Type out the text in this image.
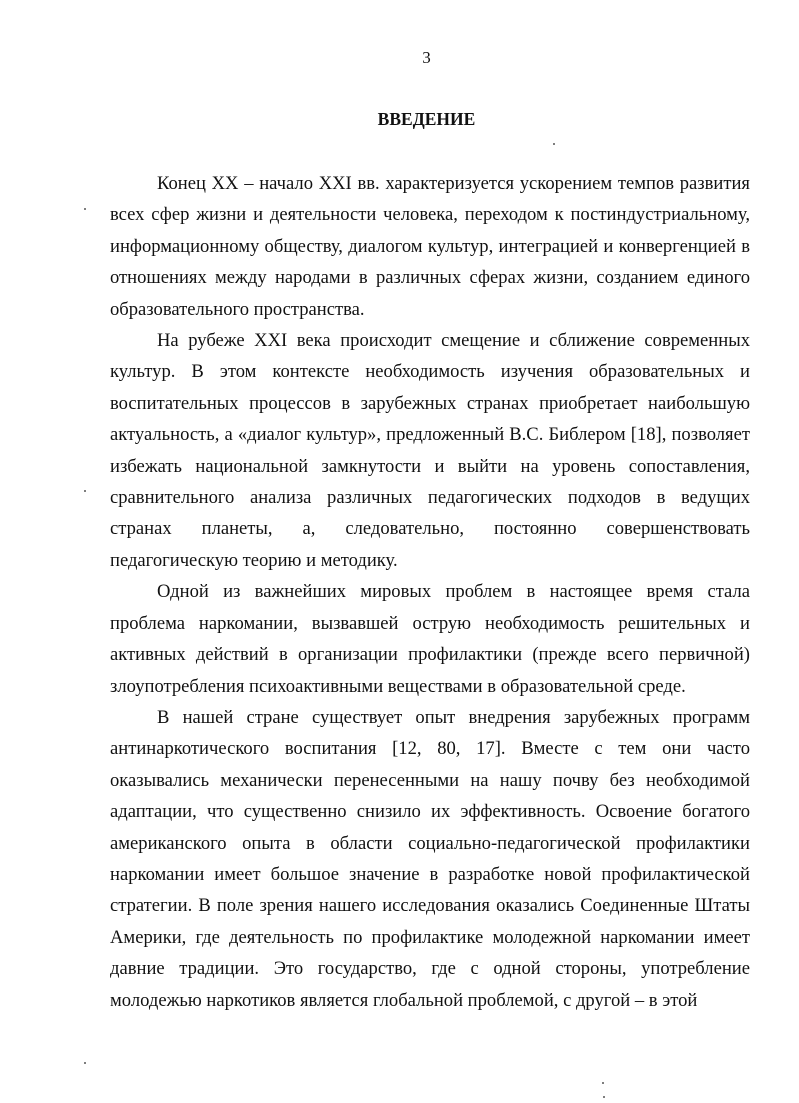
3
ВВЕДЕНИЕ

Конец XX – начало XXI вв. характеризуется ускорением темпов развития всех сфер жизни и деятельности человека, переходом к постиндустриальному, информационному обществу, диалогом культур, интеграцией и конвергенцией в отношениях между народами в различных сферах жизни, созданием единого образовательного пространства.

На рубеже XXI века происходит смещение и сближение современных культур. В этом контексте необходимость изучения образовательных и воспитательных процессов в зарубежных странах приобретает наибольшую актуальность, а «диалог культур», предложенный В.С. Библером [18], позволяет избежать национальной замкнутости и выйти на уровень сопоставления, сравнительного анализа различных педагогических подходов в ведущих странах планеты, а, следовательно, постоянно совершенствовать педагогическую теорию и методику.

Одной из важнейших мировых проблем в настоящее время стала проблема наркомании, вызвавшей острую необходимость решительных и активных действий в организации профилактики (прежде всего первичной) злоупотребления психоактивными веществами в образовательной среде.

В нашей стране существует опыт внедрения зарубежных программ антинаркотического воспитания [12, 80, 17]. Вместе с тем они часто оказывались механически перенесенными на нашу почву без необходимой адаптации, что существенно снизило их эффективность. Освоение богатого американского опыта в области социально-педагогической профилактики наркомании имеет большое значение в разработке новой профилактической стратегии. В поле зрения нашего исследования оказались Соединенные Штаты Америки, где деятельность по профилактике молодежной наркомании имеет давние традиции. Это государство, где с одной стороны, употребление молодежью наркотиков является глобальной проблемой, с другой – в этой
